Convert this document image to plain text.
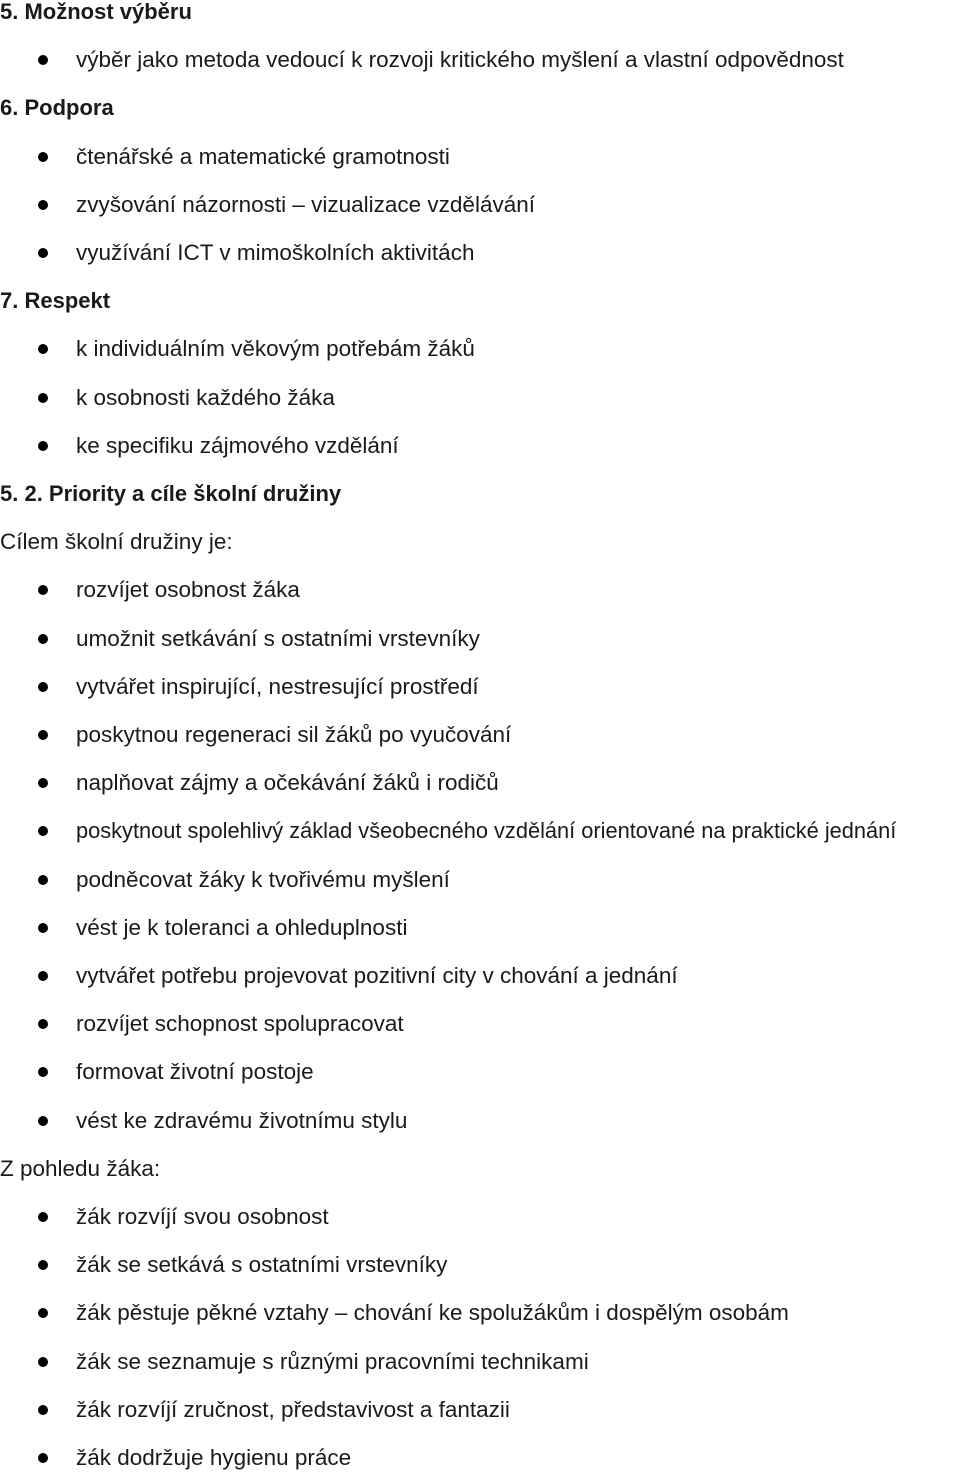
5. Možnost výběru
výběr jako metoda vedoucí k rozvoji kritického myšlení a vlastní odpovědnost
6. Podpora
čtenářské a matematické gramotnosti
zvyšování názornosti – vizualizace vzdělávání
využívání ICT v mimoškolních aktivitách
7. Respekt
k individuálním věkovým potřebám žáků
k osobnosti každého žáka
ke specifiku zájmového vzdělání
5. 2. Priority a cíle školní družiny
Cílem školní družiny je:
rozvíjet osobnost žáka
umožnit setkávání s ostatními vrstevníky
vytvářet inspirující, nestresující prostředí
poskytnou regeneraci sil žáků po vyučování
naplňovat zájmy a očekávání žáků i rodičů
poskytnout spolehlivý základ všeobecného vzdělání orientované na praktické jednání
podněcovat žáky k tvořivému myšlení
vést je k toleranci a ohleduplnosti
vytvářet potřebu projevovat pozitivní city v chování a jednání
rozvíjet schopnost spolupracovat
formovat životní postoje
vést ke zdravému životnímu stylu
Z pohledu žáka:
žák rozvíjí svou osobnost
žák se setkává s ostatními vrstevníky
žák pěstuje pěkné vztahy – chování ke spolužákům i dospělým osobám
žák se seznamuje s různými pracovními technikami
žák rozvíjí zručnost, představivost a fantazii
žák dodržuje hygienu práce
